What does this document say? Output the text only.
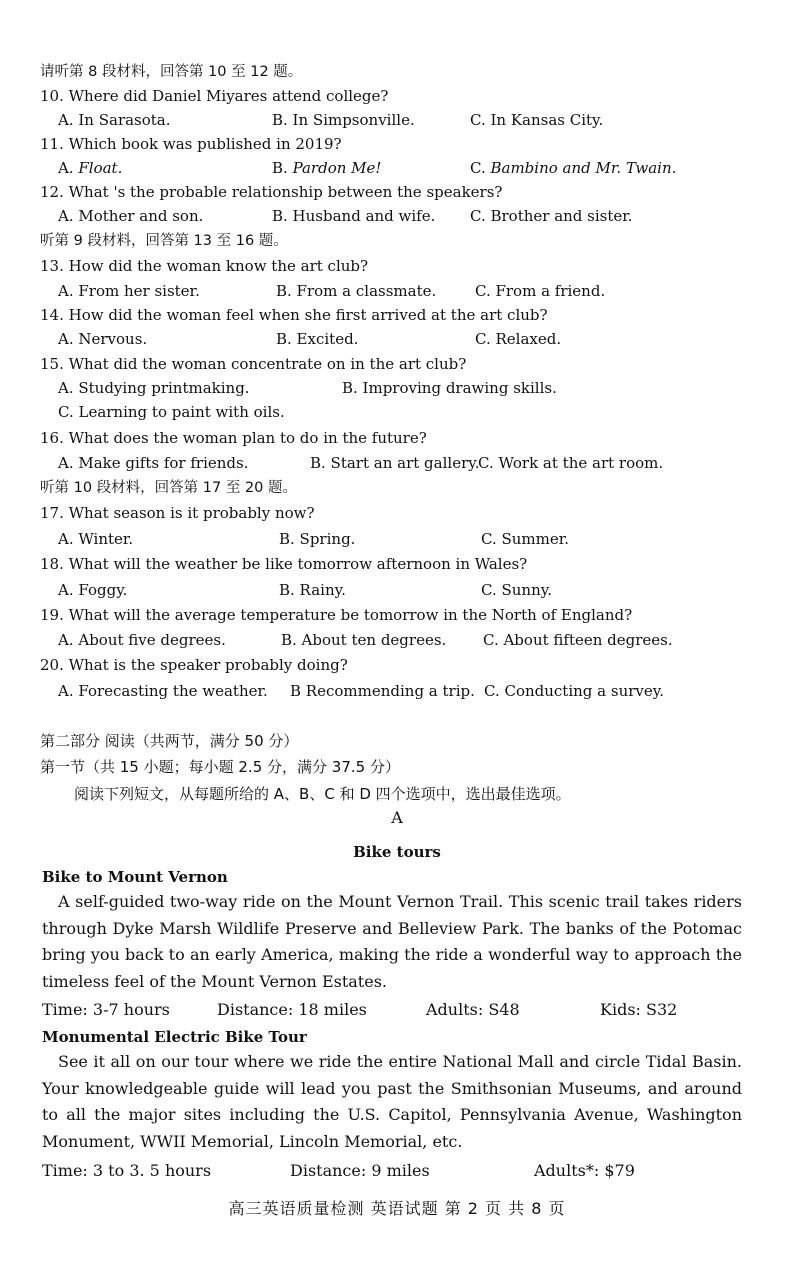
请听第 8 段材料，回答第 10 至 12 题。
10. Where did Daniel Miyares attend college?
A. In Sarasota.	B. In Simpsonville.	C. In Kansas City.
11. Which book was published in 2019?
A. Float.	B. Pardon Me!	C. Bambino and Mr. Twain.
12. What 's the probable relationship between the speakers?
A. Mother and son.	B. Husband and wife. C. Brother and sister.
听第 9 段材料，回答第 13 至 16 题。
13. How did the woman know the art club?
A. From her sister.	B. From a classmate.	C. From a friend.
14. How did the woman feel when she first arrived at the art club?
A. Nervous.	B. Excited.	C. Relaxed.
15. What did the woman concentrate on in the art club?
A. Studying printmaking.	B. Improving drawing skills.
C. Learning to paint with oils.
16. What does the woman plan to do in the future?
A. Make gifts for friends.	B. Start an art gallery.
C. Work at the art room.
听第 10 段材料，回答第 17 至 20 题。
17. What season is it probably now?
A. Winter.	B. Spring.	C. Summer.
18. What will the weather be like tomorrow afternoon in Wales?
A. Foggy.	B. Rainy.	C. Sunny.
19. What will the average temperature be tomorrow in the North of England?
A. About five degrees.	B. About ten degrees. C. About fifteen degrees.
20. What is the speaker probably doing?
A. Forecasting the weather. B Recommending a trip. C. Conducting a survey.
第二部分 阅读（共两节，满分 50 分）
第一节（共 15 小题；每小题 2.5 分，满分 37.5 分）
阅读下列短文，从每题所给的 A、B、C 和 D 四个选项中，选出最佳选项。
A
Bike tours
Bike to Mount Vernon
A self-guided two-way ride on the Mount Vernon Trail. This scenic trail takes riders through Dyke Marsh Wildlife Preserve and Belleview Park. The banks of the Potomac bring you back to an early America, making the ride a wonderful way to approach the timeless feel of the Mount Vernon Estates.
Time: 3-7 hours	Distance: 18 miles	Adults: S48	Kids: S32
Monumental Electric Bike Tour
See it all on our tour where we ride the entire National Mall and circle Tidal Basin. Your knowledgeable guide will lead you past the Smithsonian Museums, and around to all the major sites including the U.S. Capitol, Pennsylvania Avenue, Washington Monument, WWII Memorial, Lincoln Memorial, etc.
Time: 3 to 3. 5 hours	Distance: 9 miles	Adults*: $79
高三英语质量检测 英语试题 第 2 页 共 8 页
